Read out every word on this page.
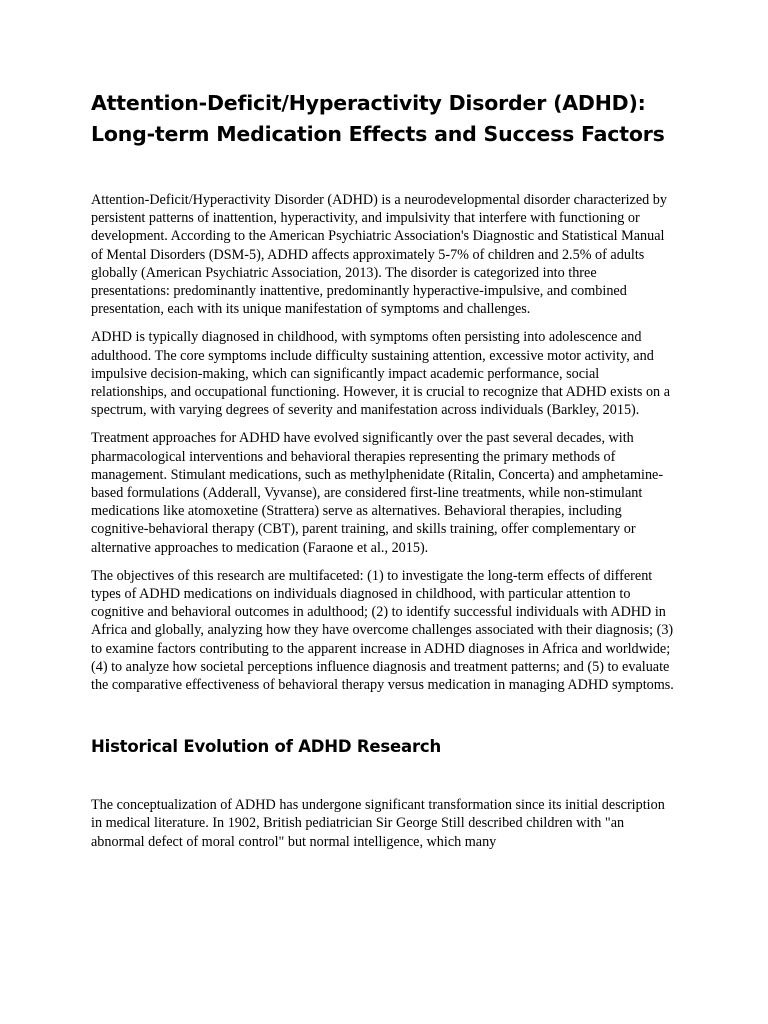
Attention-Deficit/Hyperactivity Disorder (ADHD):
Long-term Medication Effects and Success Factors

Attention-Deficit/Hyperactivity Disorder (ADHD) is a neurodevelopmental disorder characterized by persistent patterns of inattention, hyperactivity, and impulsivity that interfere with functioning or development. According to the American Psychiatric Association's Diagnostic and Statistical Manual of Mental Disorders (DSM-5), ADHD affects approximately 5-7% of children and 2.5% of adults globally (American Psychiatric Association, 2013). The disorder is categorized into three presentations: predominantly inattentive, predominantly hyperactive-impulsive, and combined presentation, each with its unique manifestation of symptoms and challenges.

ADHD is typically diagnosed in childhood, with symptoms often persisting into adolescence and adulthood. The core symptoms include difficulty sustaining attention, excessive motor activity, and impulsive decision-making, which can significantly impact academic performance, social relationships, and occupational functioning. However, it is crucial to recognize that ADHD exists on a spectrum, with varying degrees of severity and manifestation across individuals (Barkley, 2015).

Treatment approaches for ADHD have evolved significantly over the past several decades, with pharmacological interventions and behavioral therapies representing the primary methods of management. Stimulant medications, such as methylphenidate (Ritalin, Concerta) and amphetamine-based formulations (Adderall, Vyvanse), are considered first-line treatments, while non-stimulant medications like atomoxetine (Strattera) serve as alternatives. Behavioral therapies, including cognitive-behavioral therapy (CBT), parent training, and skills training, offer complementary or alternative approaches to medication (Faraone et al., 2015).

The objectives of this research are multifaceted: (1) to investigate the long-term effects of different types of ADHD medications on individuals diagnosed in childhood, with particular attention to cognitive and behavioral outcomes in adulthood; (2) to identify successful individuals with ADHD in Africa and globally, analyzing how they have overcome challenges associated with their diagnosis; (3) to examine factors contributing to the apparent increase in ADHD diagnoses in Africa and worldwide; (4) to analyze how societal perceptions influence diagnosis and treatment patterns; and (5) to evaluate the comparative effectiveness of behavioral therapy versus medication in managing ADHD symptoms.

Historical Evolution of ADHD Research

The conceptualization of ADHD has undergone significant transformation since its initial description in medical literature. In 1902, British pediatrician Sir George Still described children with "an abnormal defect of moral control" but normal intelligence, which many
